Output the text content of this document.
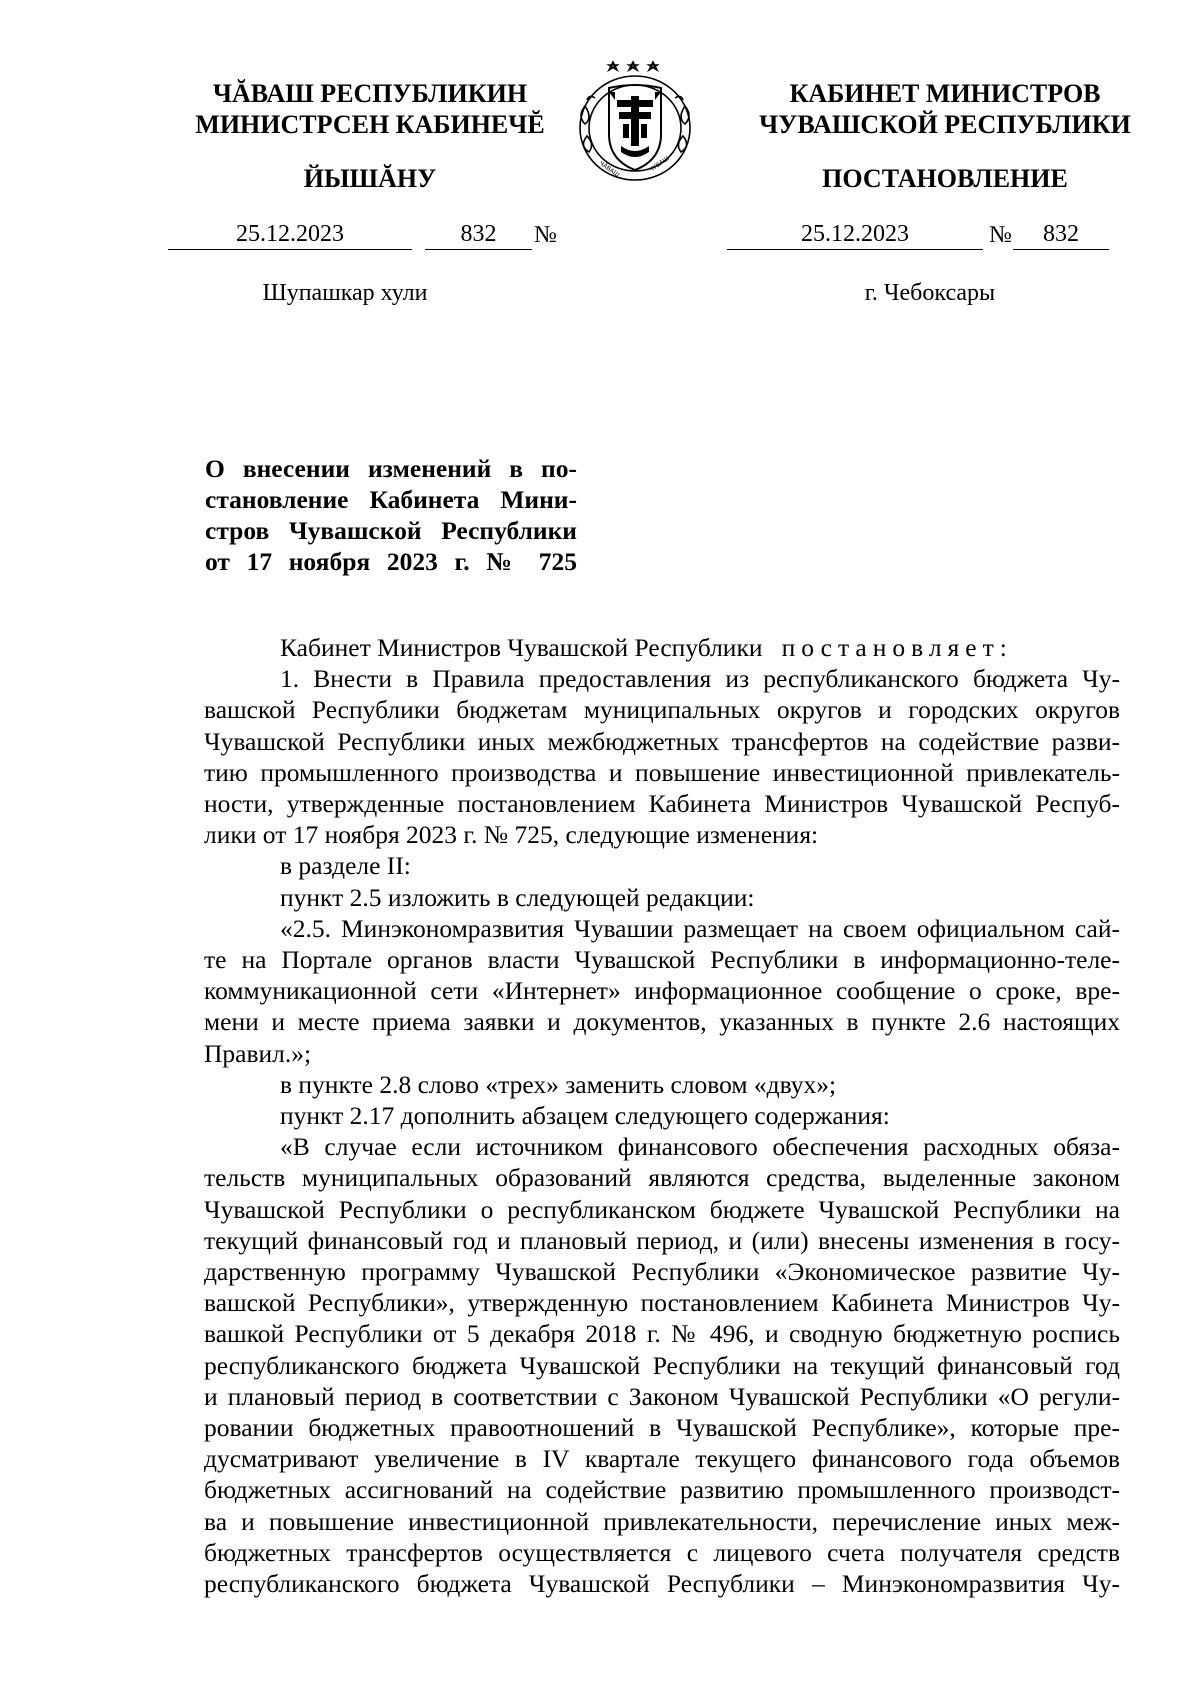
ЧĂВАШ РЕСПУБЛИКИН
МИНИСТРСЕН КАБИНЕЧĔ
ЙЫШĂНУ
25.12.2023	832	№
Шупашкар хули
ЧĂВАШ	ЧУВАШ
КАБИНЕТ МИНИСТРОВ
ЧУВАШСКОЙ РЕСПУБЛИКИ
ПОСТАНОВЛЕНИЕ
25.12.2023	№	832
г. Чебоксары
О внесении изменений в по-
становление Кабинета Мини-
стров Чувашской Республики
от 17 ноября 2023 г. № 725

Кабинет Министров Чувашской Республики постановляет:

1. Внести в Правила предоставления из республиканского бюджета Чу-

вашской Республики бюджетам муниципальных округов и городских округов

Чувашской Республики иных межбюджетных трансфертов на содействие разви-

тию промышленного производства и повышение инвестиционной привлекатель-

ности, утвержденные постановлением Кабинета Министров Чувашской Респуб-

лики от 17 ноября 2023 г. № 725, следующие изменения:

в разделе II:

пункт 2.5 изложить в следующей редакции:

«2.5. Минэкономразвития Чувашии размещает на своем официальном сай-

те на Портале органов власти Чувашской Республики в информационно-теле-

коммуникационной сети «Интернет» информационное сообщение о сроке, вре-

мени и месте приема заявки и документов, указанных в пункте 2.6 настоящих

Правил.»;

в пункте 2.8 слово «трех» заменить словом «двух»;

пункт 2.17 дополнить абзацем следующего содержания:

«В случае если источником финансового обеспечения расходных обяза-

тельств муниципальных образований являются средства, выделенные законом

Чувашской Республики о республиканском бюджете Чувашской Республики на

текущий финансовый год и плановый период, и (или) внесены изменения в госу-

дарственную программу Чувашской Республики «Экономическое развитие Чу-

вашской Республики», утвержденную постановлением Кабинета Министров Чу-

вашкой Республики от 5 декабря 2018 г. № 496, и сводную бюджетную роспись

республиканского бюджета Чувашской Республики на текущий финансовый год

и плановый период в соответствии с Законом Чувашской Республики «О регули-

ровании бюджетных правоотношений в Чувашской Республике», которые пре-

дусматривают увеличение в IV квартале текущего финансового года объемов

бюджетных ассигнований на содействие развитию промышленного производст-

ва и повышение инвестиционной привлекательности, перечисление иных меж-

бюджетных трансфертов осуществляется с лицевого счета получателя средств

республиканского бюджета Чувашской Республики – Минэкономразвития Чу-
